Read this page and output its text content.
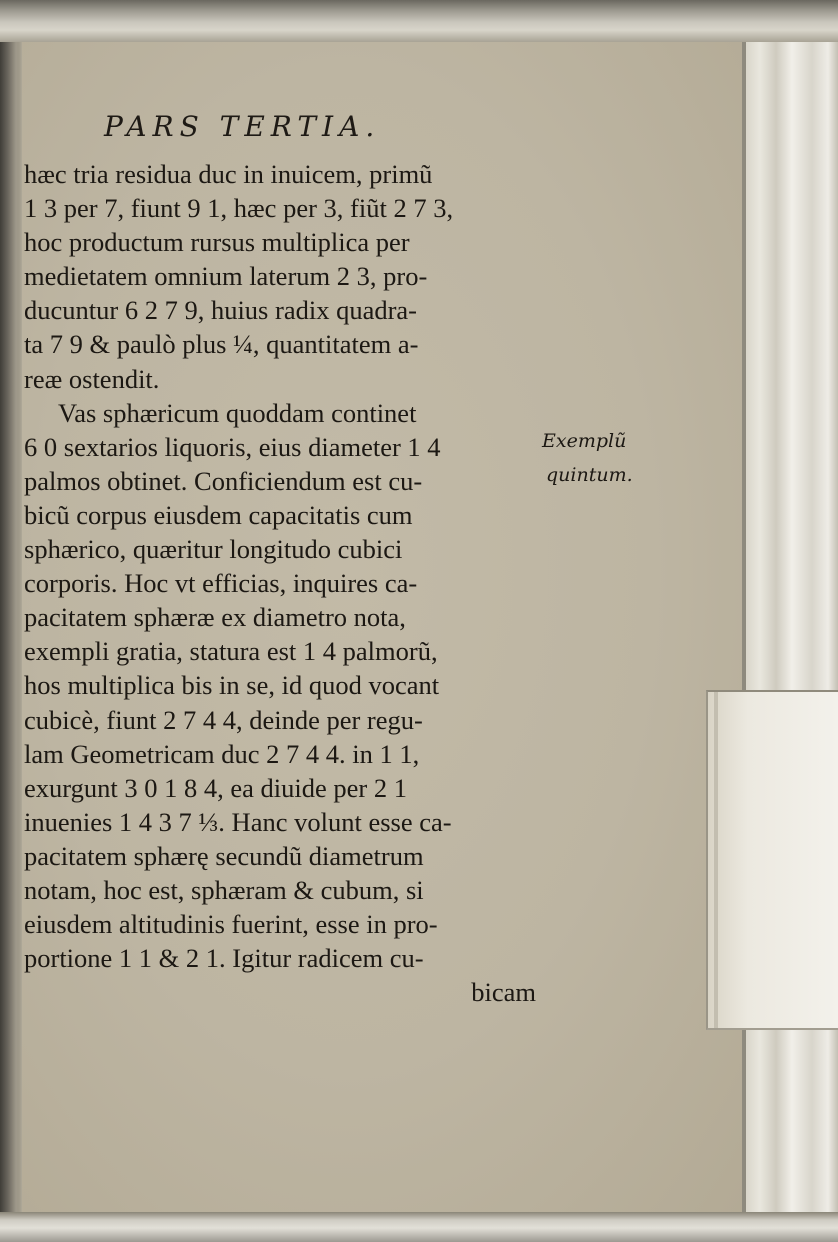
PARS TERTIA.
hæc tria residua duc in inuicem, primũ
1 3 per 7, fiunt 9 1, hæc per 3, fiũt 2 7 3,
hoc productum rursus multiplica per
medietatem omnium laterum 2 3, pro-
ducuntur 6 2 7 9, huius radix quadra-
ta 7 9 & paulò plus ¼, quantitatem a-
reæ ostendit.
Vas sphæricum quoddam continet
6 0 sextarios liquoris, eius diameter 1 4
palmos obtinet. Conficiendum est cu-
bicũ corpus eiusdem capacitatis cum
sphærico, quæritur longitudo cubici
corporis. Hoc vt efficias, inquires ca-
pacitatem sphæræ ex diametro nota,
exempli gratia, statura est 1 4 palmorũ,
hos multiplica bis in se, id quod vocant
cubicè, fiunt 2 7 4 4, deinde per regu-
lam Geometricam duc 2 7 4 4. in 1 1,
exurgunt 3 0 1 8 4, ea diuide per 2 1
inuenies 1 4 3 7 ⅓. Hanc volunt esse ca-
pacitatem sphærę secundũ diametrum
notam, hoc est, sphæram & cubum, si
eiusdem altitudinis fuerint, esse in pro-
portione 1 1 & 2 1. Igitur radicem cu-
bicam
Exemplũ
quintum.
